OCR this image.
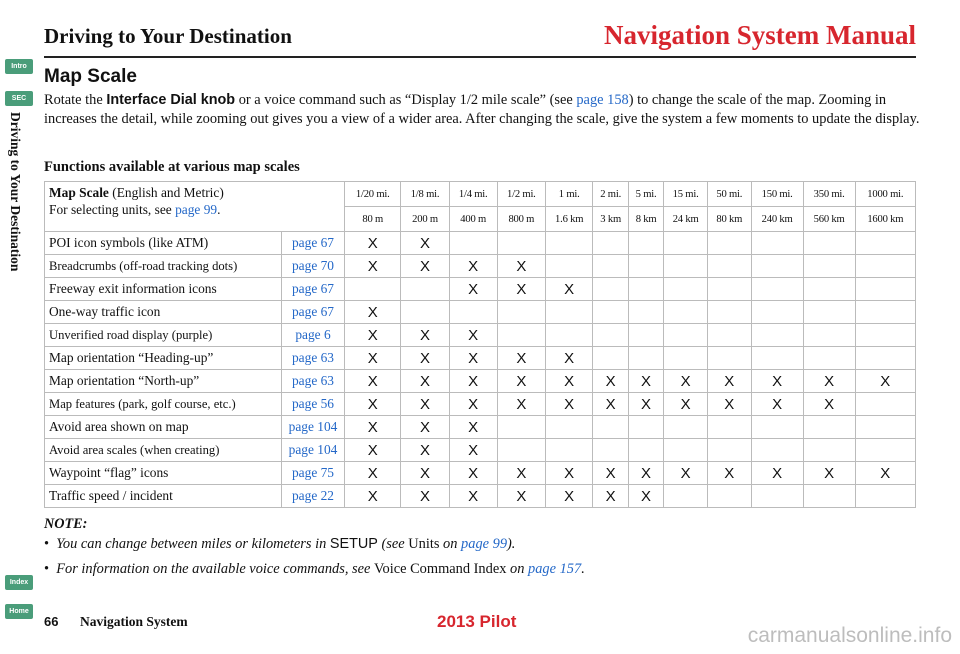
Driving to Your Destination	Navigation System Manual
Intro
SEC
Driving to Your Destination
Index
Home
Map Scale
Rotate the Interface Dial knob or a voice command such as “Display 1/2 mile scale” (see page 158) to change the scale of the map. Zooming in increases the detail, while zooming out gives you a view of a wider area. After changing the scale, give the system a few moments to update the display.
Functions available at various map scales
Map Scale (English and Metric)
For selecting units, see page 99.		1/20 mi.	1/8 mi.	1/4 mi.	1/2 mi.	1 mi.	2 mi.	5 mi.	15 mi.	50 mi.	150 mi.	350 mi.	1000 mi.
		80 m	200 m	400 m	800 m	1.6 km	3 km	8 km	24 km	80 km	240 km	560 km	1600 km
POI icon symbols (like ATM)	page 67	X	X										
Breadcrumbs (off-road tracking dots)	page 70	X	X	X	X								
Freeway exit information icons	page 67			X	X	X							
One-way traffic icon	page 67	X											
Unverified road display (purple)	page 6	X	X	X									
Map orientation “Heading-up”	page 63	X	X	X	X	X							
Map orientation “North-up”	page 63	X	X	X	X	X	X	X	X	X	X	X	X
Map features (park, golf course, etc.)	page 56	X	X	X	X	X	X	X	X	X	X	X	
Avoid area shown on map	page 104	X	X	X									
Avoid area scales (when creating)	page 104	X	X	X									
Waypoint “flag” icons	page 75	X	X	X	X	X	X	X	X	X	X	X	X
Traffic speed / incident	page 22	X	X	X	X	X	X	X					
NOTE:
• You can change between miles or kilometers in SETUP (see Units on page 99).
• For information on the available voice commands, see Voice Command Index on page 157.
66 Navigation System	2013 Pilot
carmanualsonline.info
